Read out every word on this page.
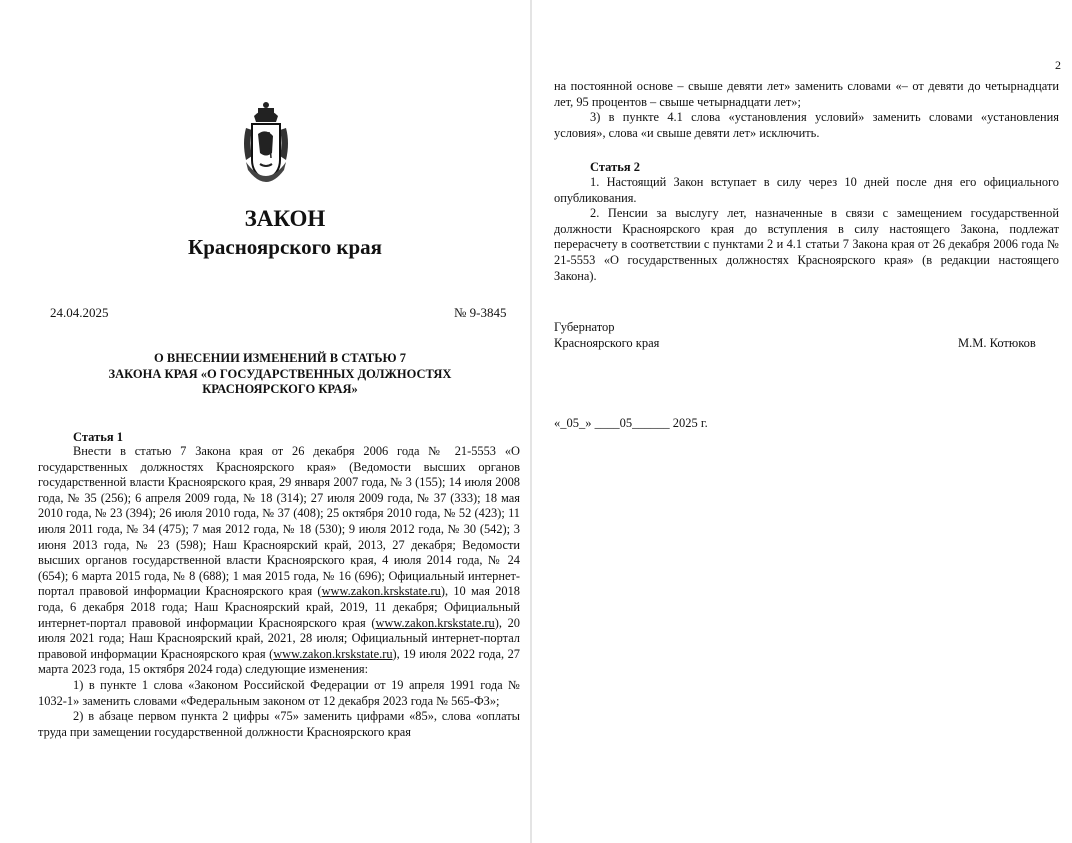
ЗАКОН
Красноярского края
24.04.2025	№ 9-3845
О ВНЕСЕНИИ ИЗМЕНЕНИЙ В СТАТЬЮ 7
ЗАКОНА КРАЯ «О ГОСУДАРСТВЕННЫХ ДОЛЖНОСТЯХ
КРАСНОЯРСКОГО КРАЯ»
Статья 1

Внести в статью 7 Закона края от 26 декабря 2006 года № 21-5553 «О государственных должностях Красноярского края» (Ведомости высших органов государственной власти Красноярского края, 29 января 2007 года, № 3 (155); 14 июля 2008 года, № 35 (256); 6 апреля 2009 года, № 18 (314); 27 июля 2009 года, № 37 (333); 18 мая 2010 года, № 23 (394); 26 июля 2010 года, № 37 (408); 25 октября 2010 года, № 52 (423); 11 июля 2011 года, № 34 (475); 7 мая 2012 года, № 18 (530); 9 июля 2012 года, № 30 (542); 3 июня 2013 года, № 23 (598); Наш Красноярский край, 2013, 27 декабря; Ведомости высших органов государственной власти Красноярского края, 4 июля 2014 года, № 24 (654); 6 марта 2015 года, № 8 (688); 1 мая 2015 года, № 16 (696); Официальный интернет-портал правовой информации Красноярского края (www.zakon.krskstate.ru), 10 мая 2018 года, 6 декабря 2018 года; Наш Красноярский край, 2019, 11 декабря; Официальный интернет-портал правовой информации Красноярского края (www.zakon.krskstate.ru), 20 июля 2021 года; Наш Красноярский край, 2021, 28 июля; Официальный интернет-портал правовой информации Красноярского края (www.zakon.krskstate.ru), 19 июля 2022 года, 27 марта 2023 года, 15 октября 2024 года) следующие изменения:

1) в пункте 1 слова «Законом Российской Федерации от 19 апреля 1991 года № 1032-1» заменить словами «Федеральным законом от 12 декабря 2023 года № 565-ФЗ»;

2) в абзаце первом пункта 2 цифры «75» заменить цифрами «85», слова «оплаты труда при замещении государственной должности Красноярского края

2

на постоянной основе – свыше девяти лет» заменить словами «– от девяти до четырнадцати лет, 95 процентов – свыше четырнадцати лет»;

3) в пункте 4.1 слова «установления условий» заменить словами «установления условия», слова «и свыше девяти лет» исключить.

Статья 2

1. Настоящий Закон вступает в силу через 10 дней после дня его официального опубликования.

2. Пенсии за выслугу лет, назначенные в связи с замещением государственной должности Красноярского края до вступления в силу настоящего Закона, подлежат перерасчету в соответствии с пунктами 2 и 4.1 статьи 7 Закона края от 26 декабря 2006 года № 21-5553 «О государственных должностях Красноярского края» (в редакции настоящего Закона).

Губернатор
Красноярского края	М.М. Котюков
«_05_» ____05______ 2025 г.
